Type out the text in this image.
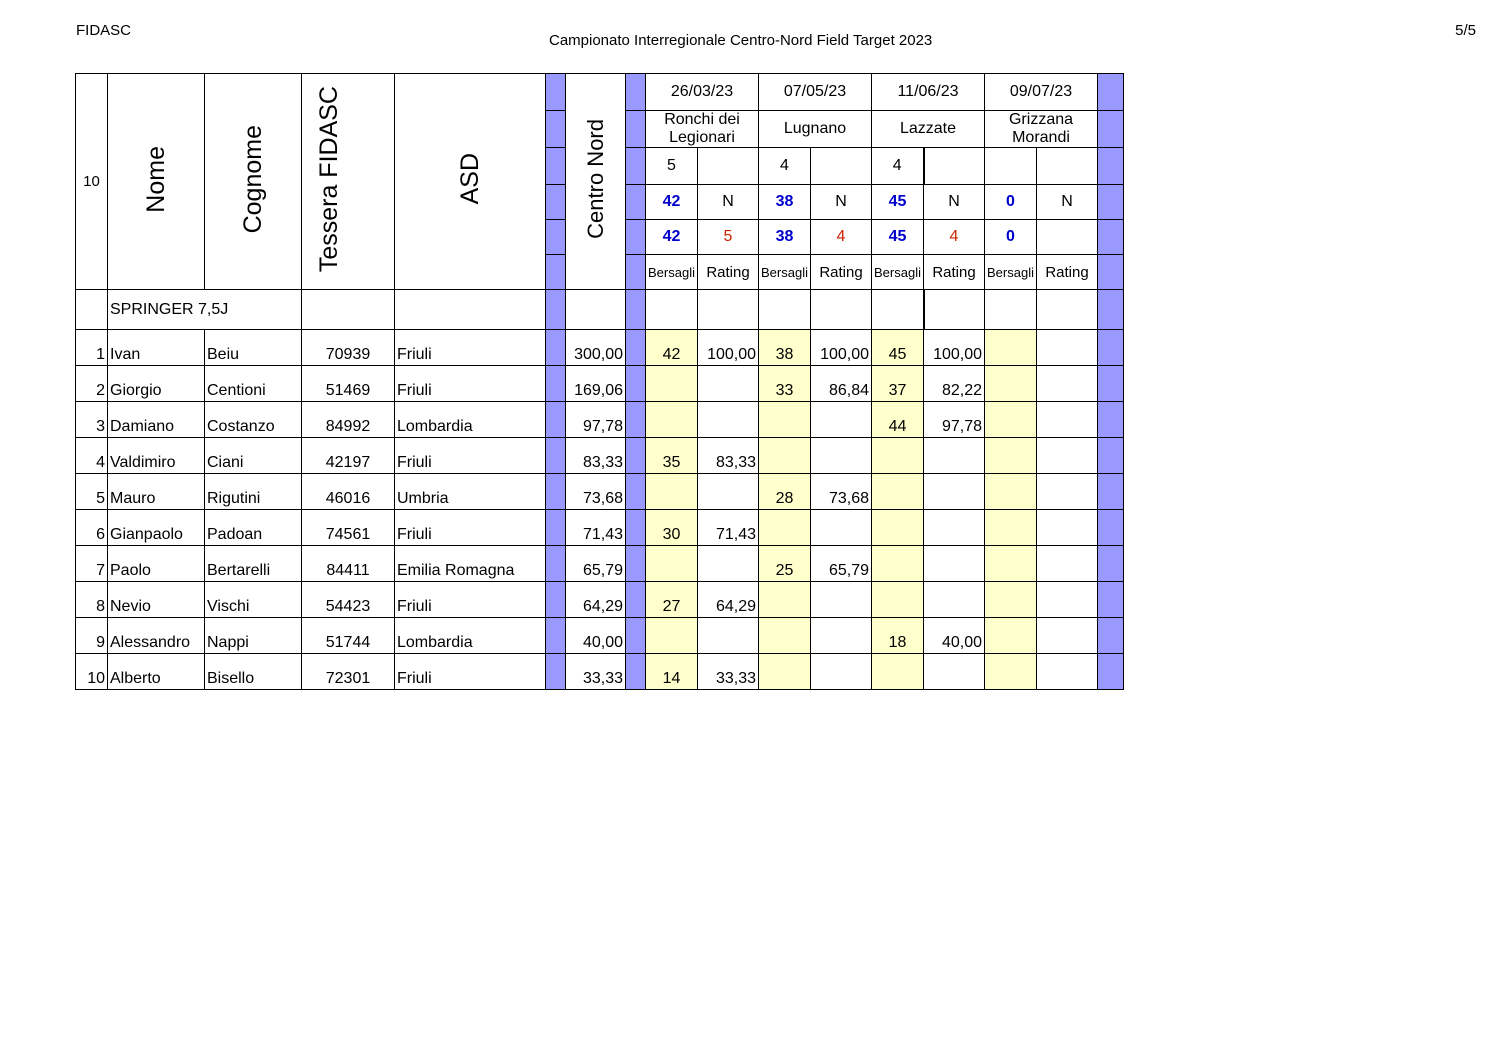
FIDASC
Campionato Interregionale Centro-Nord Field Target 2023
5/5
10	Nome	Cognome	Tessera FIDASC	ASD		Centro Nord		26/03/23		07/05/23		11/06/23		09/07/23		
								Ronchi dei Legionari		Lugnano		Lazzate		Grizzana Morandi		
								5		4		4				
								42	N	38	N	45	N	0	N	
								42	5	38	4	45	4	0		
								Bersagli	Rating	Bersagli	Rating	Bersagli	Rating	Bersagli	Rating	
	SPRINGER 7,5J															
1	Ivan	Beiu	70939	Friuli		300,00		42	100,00	38	100,00	45	100,00			
2	Giorgio	Centioni	51469	Friuli		169,06				33	86,84	37	82,22			
3	Damiano	Costanzo	84992	Lombardia		97,78						44	97,78			
4	Valdimiro	Ciani	42197	Friuli		83,33		35	83,33							
5	Mauro	Rigutini	46016	Umbria		73,68				28	73,68					
6	Gianpaolo	Padoan	74561	Friuli		71,43		30	71,43							
7	Paolo	Bertarelli	84411	Emilia Romagna		65,79				25	65,79					
8	Nevio	Vischi	54423	Friuli		64,29		27	64,29							
9	Alessandro	Nappi	51744	Lombardia		40,00						18	40,00			
10	Alberto	Bisello	72301	Friuli		33,33		14	33,33							
